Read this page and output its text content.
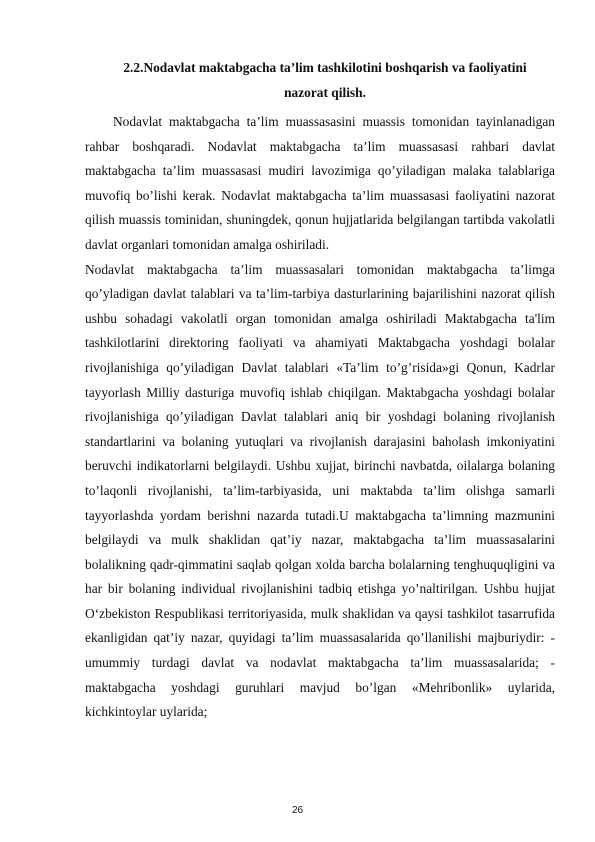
2.2.Nodavlat maktabgacha ta’lim tashkilotini boshqarish va faoliyatini
nazorat qilish.

Nodavlat maktabgacha ta’lim muassasasini muassis tomonidan tayinlanadigan rahbar boshqaradi. Nodavlat maktabgacha ta’lim muassasasi rahbari davlat maktabgacha ta’lim muassasasi mudiri lavozimiga qo’yiladigan malaka talablariga muvofiq bo’lishi kerak. Nodavlat maktabgacha ta’lim muassasasi faoliyatini nazorat qilish muassis tominidan, shuningdek, qonun hujjatlarida belgilangan tartibda vakolatli davlat organlari tomonidan amalga oshiriladi.

Nodavlat maktabgacha ta’lim muassasalari tomonidan maktabgacha ta’limga qo’yladigan davlat talablari va ta’lim-tarbiya dasturlarining bajarilishini nazorat qilish ushbu sohadagi vakolatli organ tomonidan amalga oshiriladi Maktabgacha ta'lim tashkilotlarini direktoring faoliyati va ahamiyati Maktabgacha yoshdagi bolalar rivojlanishiga qo’yiladigan Davlat talablari «Ta’lim to’g’risida»gi Qonun, Kadrlar tayyorlash Milliy dasturiga muvofiq ishlab chiqilgan. Maktabgacha yoshdagi bolalar rivojlanishiga qo’yiladigan Davlat talablari aniq bir yoshdagi bolaning rivojlanish standartlarini va bolaning yutuqlari va rivojlanish darajasini baholash imkoniyatini beruvchi indikatorlarni belgilaydi. Ushbu xujjat, birinchi navbatda, oilalarga bolaning to’laqonli rivojlanishi, ta’lim-tarbiyasida, uni maktabda ta’lim olishga samarli tayyorlashda yordam berishni nazarda tutadi.U maktabgacha ta’limning mazmunini belgilaydi va mulk shaklidan qat’iy nazar, maktabgacha ta’lim muassasalarini bolalikning qadr-qimmatini saqlab qolgan xolda barcha bolalarning tenghuquqligini va har bir bolaning individual rivojlanishini tadbiq etishga yo’naltirilgan. Ushbu hujjat O‘zbekiston Respublikasi territoriyasida, mulk shaklidan va qaysi tashkilot tasarrufida ekanligidan qat’iy nazar, quyidagi ta’lim muassasalarida qo’llanilishi majburiydir: -umummiy turdagi davlat va nodavlat maktabgacha ta’lim muassasalarida; -maktabgacha yoshdagi guruhlari mavjud bo’lgan «Mehribonlik» uylarida, kichkintoylar uylarida;

26
